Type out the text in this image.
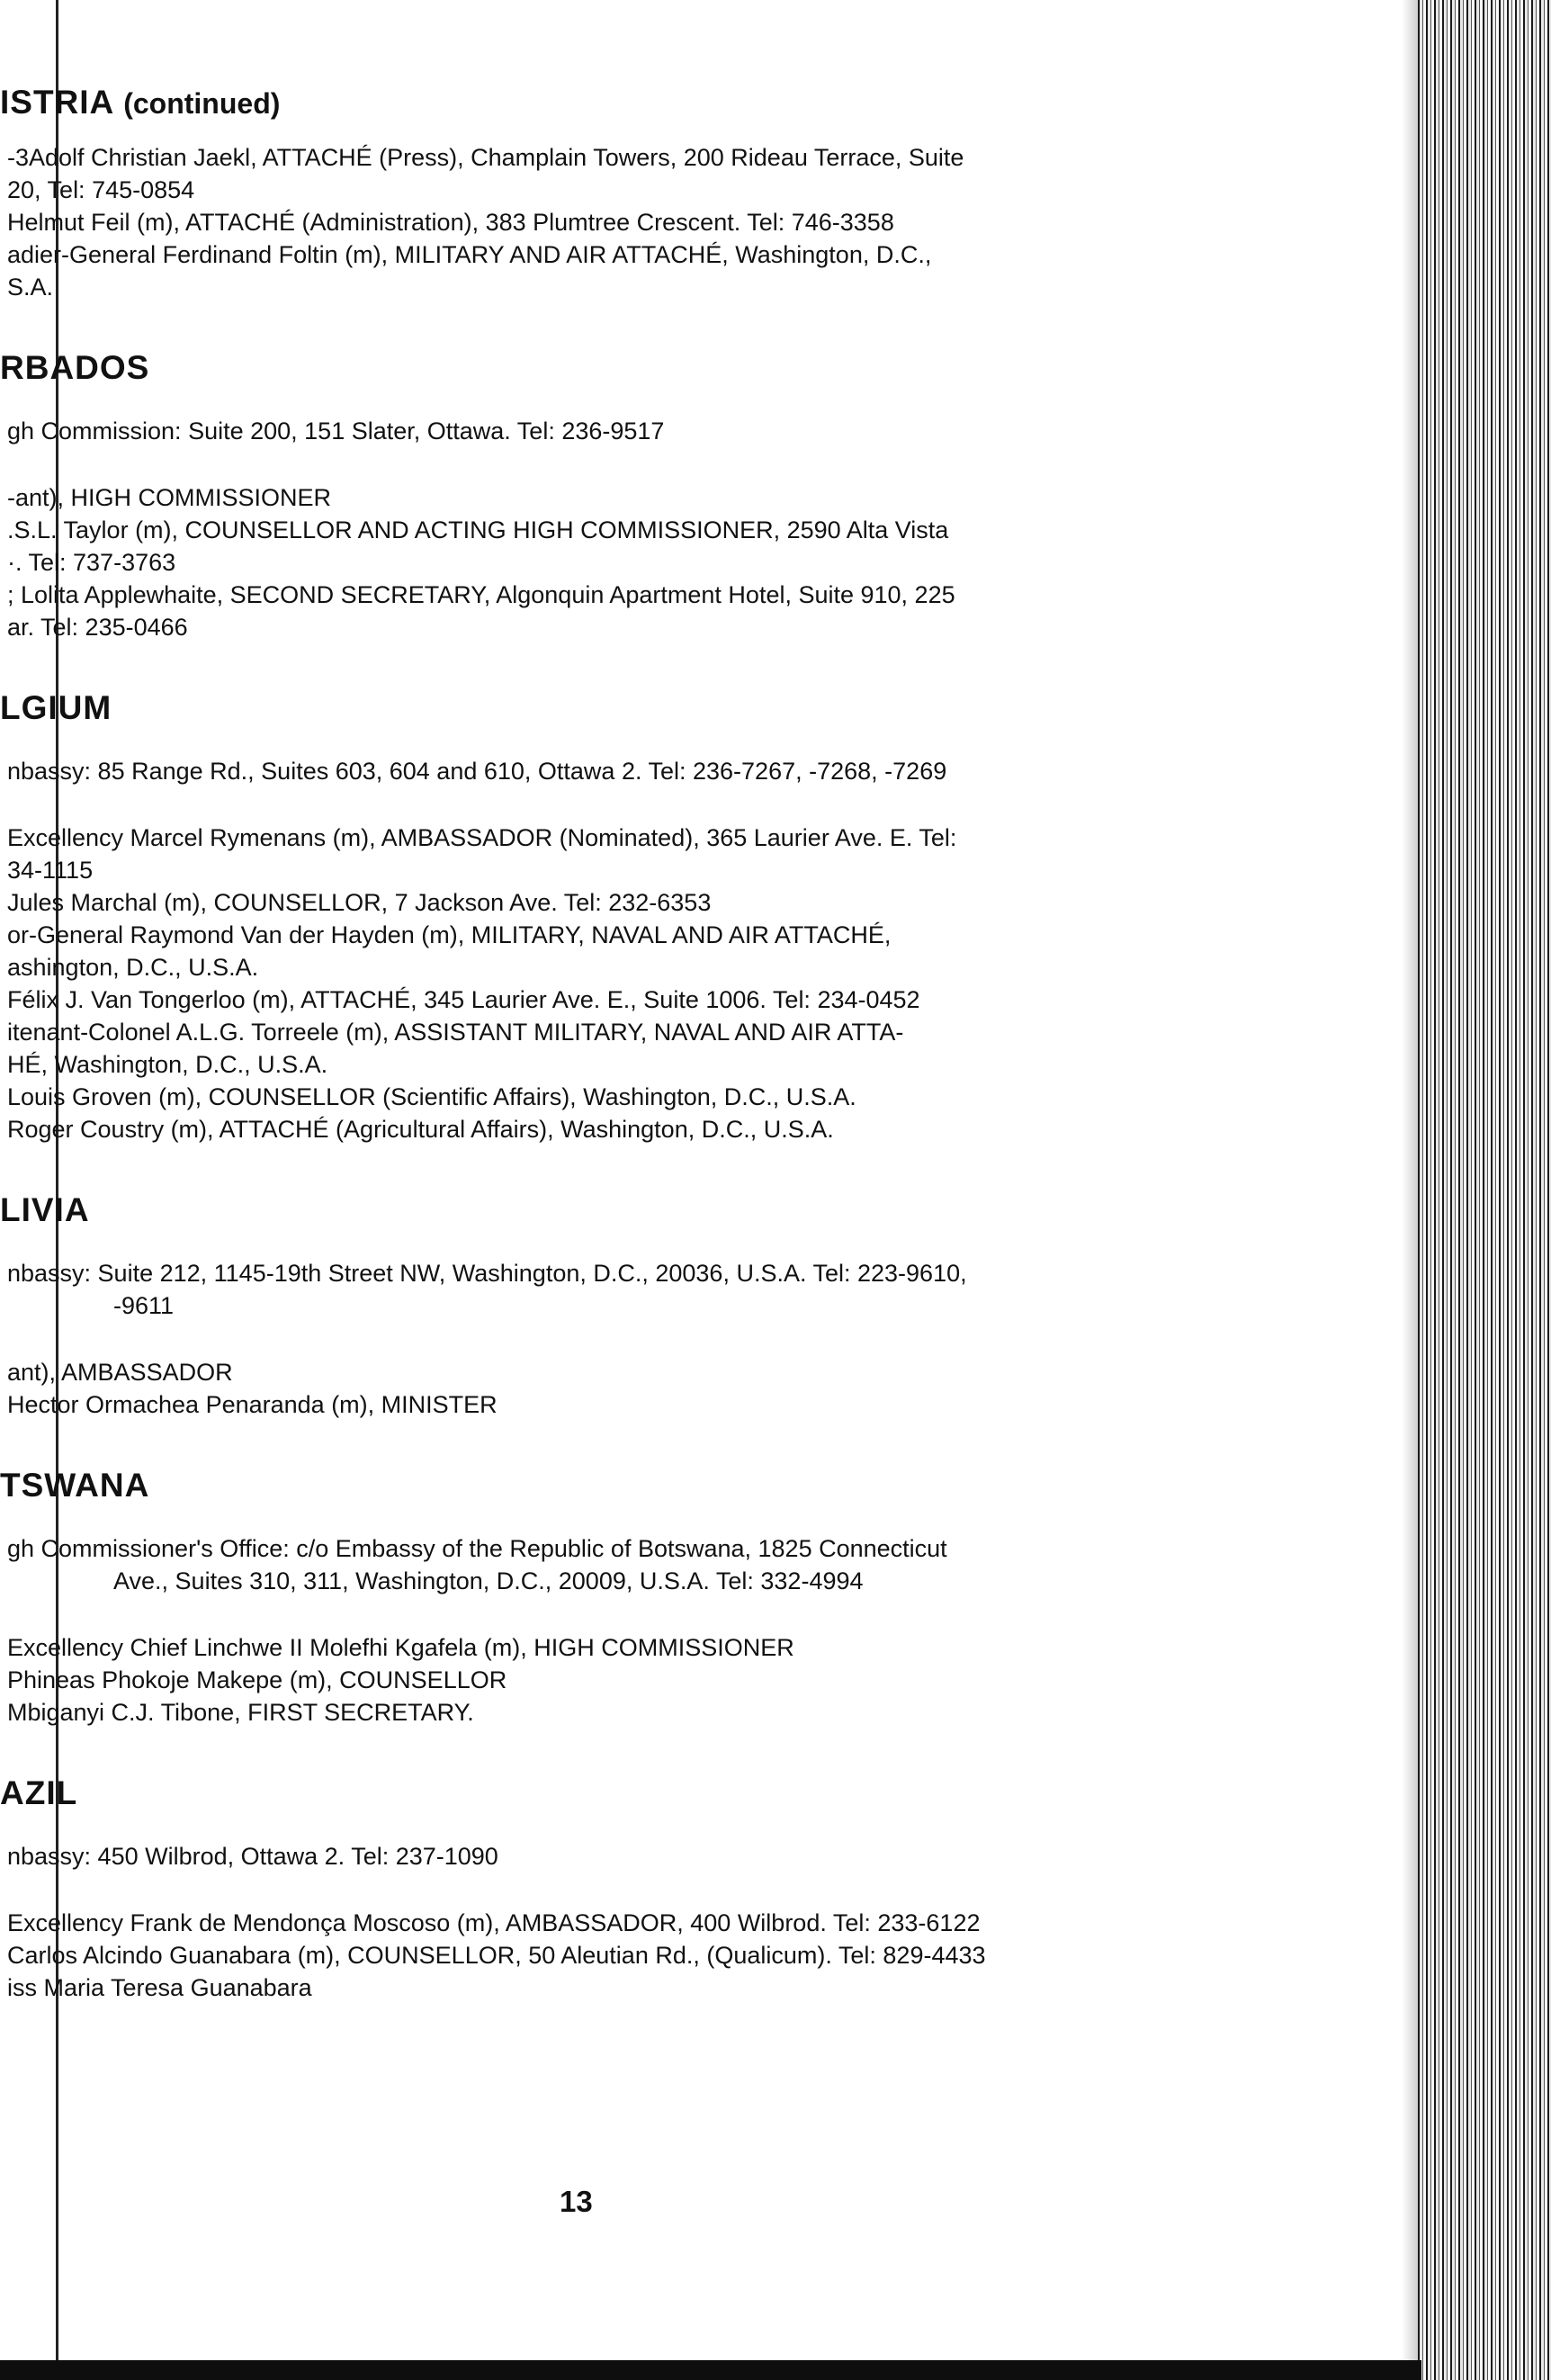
ISTRIA (continued)

-3Adolf Christian Jaekl, ATTACHÉ (Press), Champlain Towers, 200 Rideau Terrace, Suite
20, Tel: 745-0854

Helmut Feil (m), ATTACHÉ (Administration), 383 Plumtree Crescent. Tel: 746-3358

adier-General Ferdinand Foltin (m), MILITARY AND AIR ATTACHÉ, Washington, D.C.,
S.A.

RBADOS

gh Commission: Suite 200, 151 Slater, Ottawa. Tel: 236-9517

-ant), HIGH COMMISSIONER

.S.L. Taylor (m), COUNSELLOR AND ACTING HIGH COMMISSIONER, 2590 Alta Vista
·. Tel: 737-3763

; Lolita Applewhaite, SECOND SECRETARY, Algonquin Apartment Hotel, Suite 910, 225
ar. Tel: 235-0466

LGIUM

nbassy: 85 Range Rd., Suites 603, 604 and 610, Ottawa 2. Tel: 236-7267, -7268, -7269

Excellency Marcel Rymenans (m), AMBASSADOR (Nominated), 365 Laurier Ave. E. Tel:
34-1115

Jules Marchal (m), COUNSELLOR, 7 Jackson Ave. Tel: 232-6353

or-General Raymond Van der Hayden (m), MILITARY, NAVAL AND AIR ATTACHÉ,
ashington, D.C., U.S.A.

Félix J. Van Tongerloo (m), ATTACHÉ, 345 Laurier Ave. E., Suite 1006. Tel: 234-0452

itenant-Colonel A.L.G. Torreele (m), ASSISTANT MILITARY, NAVAL AND AIR ATTA-
HÉ, Washington, D.C., U.S.A.

Louis Groven (m), COUNSELLOR (Scientific Affairs), Washington, D.C., U.S.A.

Roger Coustry (m), ATTACHÉ (Agricultural Affairs), Washington, D.C., U.S.A.

LIVIA

nbassy: Suite 212, 1145-19th Street NW, Washington, D.C., 20036, U.S.A. Tel: 223-9610,
-9611

ant), AMBASSADOR

Hector Ormachea Penaranda (m), MINISTER

TSWANA

gh Commissioner's Office: c/o Embassy of the Republic of Botswana, 1825 Connecticut
Ave., Suites 310, 311, Washington, D.C., 20009, U.S.A. Tel: 332-4994

Excellency Chief Linchwe II Molefhi Kgafela (m), HIGH COMMISSIONER

Phineas Phokoje Makepe (m), COUNSELLOR

Mbiganyi C.J. Tibone, FIRST SECRETARY.

AZIL

nbassy: 450 Wilbrod, Ottawa 2. Tel: 237-1090

Excellency Frank de Mendonça Moscoso (m), AMBASSADOR, 400 Wilbrod. Tel: 233-6122

Carlos Alcindo Guanabara (m), COUNSELLOR, 50 Aleutian Rd., (Qualicum). Tel: 829-4433

iss Maria Teresa Guanabara

13
